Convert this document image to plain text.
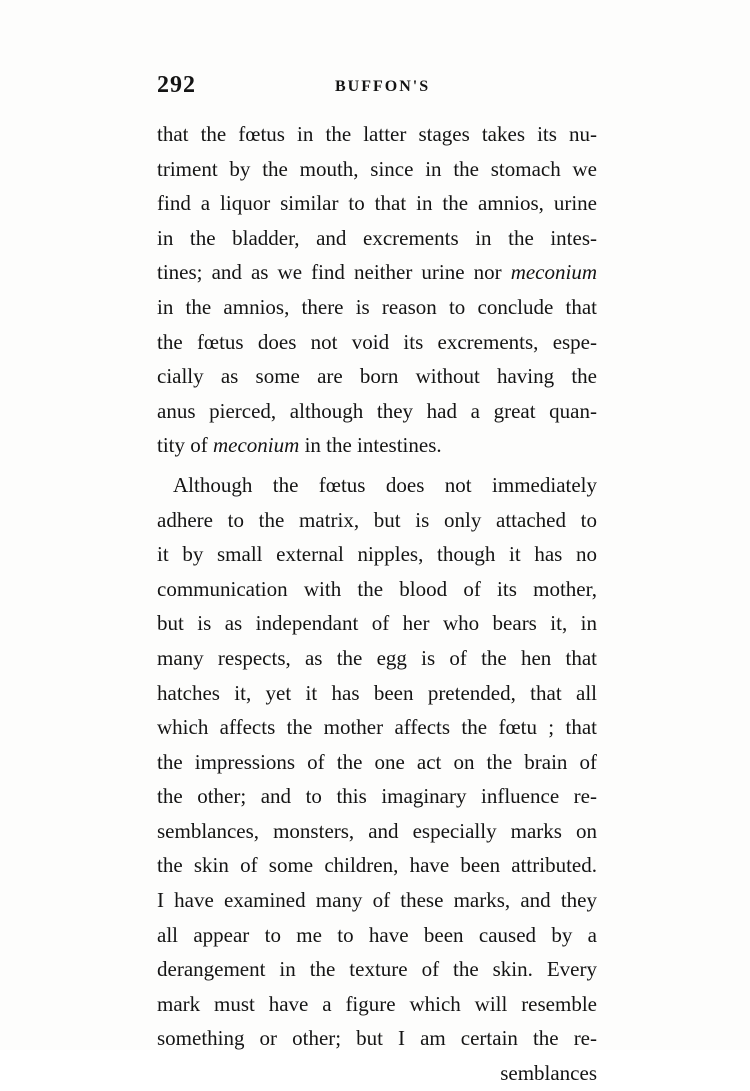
292	BUFFON'S
that the fœtus in the latter stages takes its nu-
triment by the mouth, since in the stomach we
find a liquor similar to that in the amnios, urine
in the bladder, and excrements in the intes-
tines; and as we find neither urine nor meconium
in the amnios, there is reason to conclude that
the fœtus does not void its excrements, espe-
cially as some are born without having the
anus pierced, although they had a great quan-
tity of meconium in the intestines.
Although the fœtus does not immediately
adhere to the matrix, but is only attached to
it by small external nipples, though it has no
communication with the blood of its mother,
but is as independant of her who bears it, in
many respects, as the egg is of the hen that
hatches it, yet it has been pretended, that all
which affects the mother affects the fœtu ; that
the impressions of the one act on the brain of
the other; and to this imaginary influence re-
semblances, monsters, and especially marks on
the skin of some children, have been attributed.
I have examined many of these marks, and they
all appear to me to have been caused by a
derangement in the texture of the skin. Every
mark must have a figure which will resemble
something or other; but I am certain the re-
semblances
